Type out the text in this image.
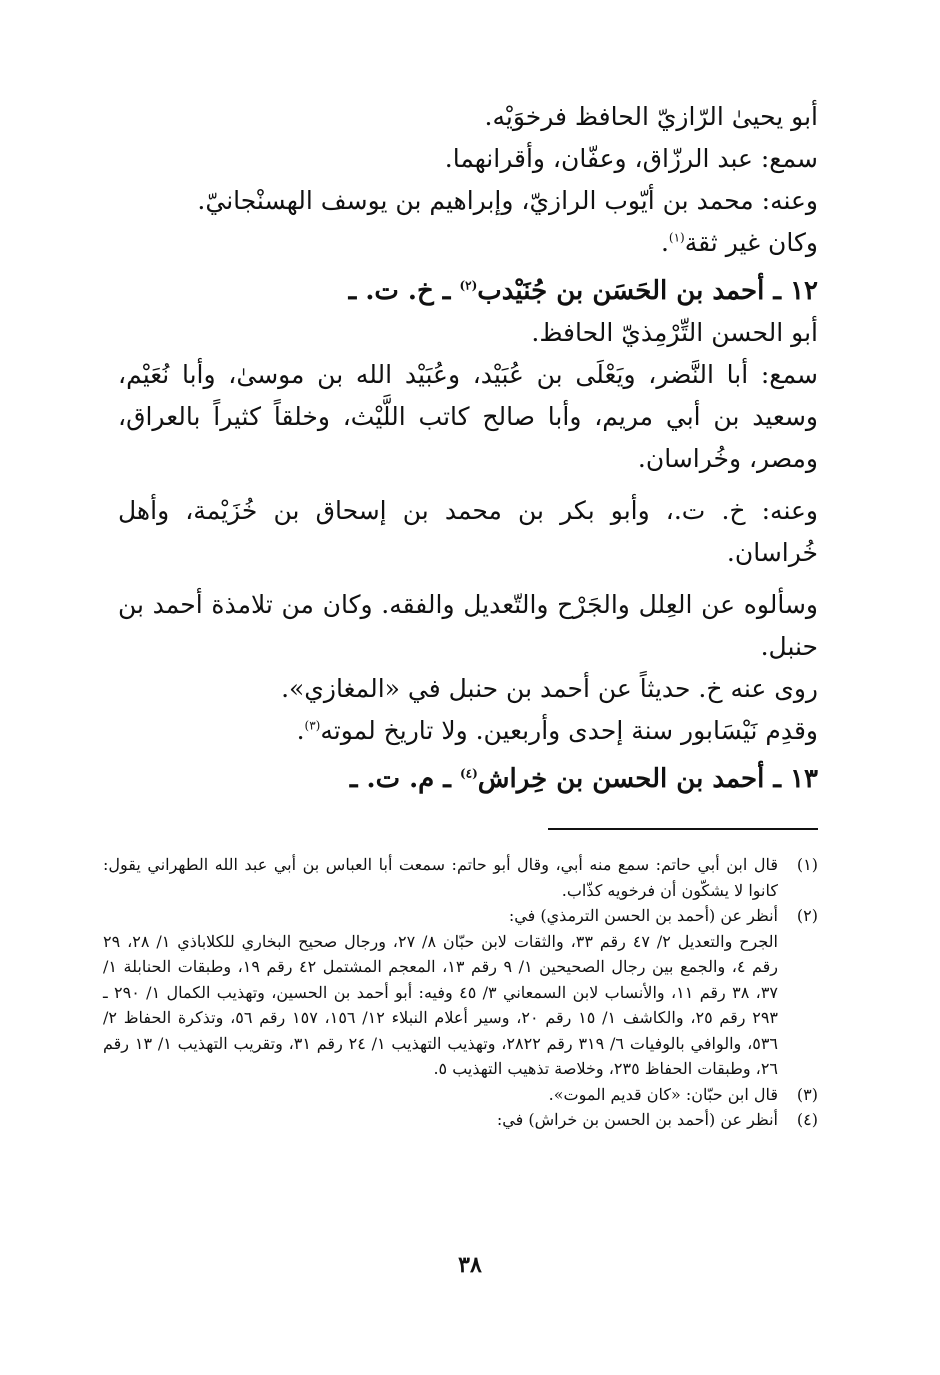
أبو يحيىٰ الرّازيّ الحافظ فرخوَيْه.

سمع: عبد الرزّاق، وعفّان، وأقرانهما.

وعنه: محمد بن أيّوب الرازيّ، وإبراهيم بن يوسف الهسنْجانيّ.

وكان غير ثقة$^{(١)}$.

١٢ ـ أحمد بن الحَسَن بن جُنَيْدب$^{(٢)}$ ـ خ. ت. ـ

أبو الحسن التِّرْمِذيّ الحافظ.

سمع: أبا النَّضر، ويَعْلَى بن عُبَيْد، وعُبَيْد الله بن موسىٰ، وأبا نُعَيْم، وسعيد بن أبي مريم، وأبا صالح كاتب اللَّيْث، وخلقاً كثيراً بالعراق، ومصر، وخُراسان.

وعنه: خ. ت.، وأبو بكر بن محمد بن إسحاق بن خُزَيْمة، وأهل خُراسان.

وسألوه عن العِلل والجَرْح والتّعديل والفقه. وكان من تلامذة أحمد بن حنبل.

روى عنه خ. حديثاً عن أحمد بن حنبل في «المغازي».

وقدِم نَيْسَابور سنة إحدى وأربعين. ولا تاريخ لموته$^{(٣)}$.

١٣ ـ أحمد بن الحسن بن خِراش$^{(٤)}$ ـ م. ت. ـ

(١)
قال ابن أبي حاتم: سمع منه أبي، وقال أبو حاتم: سمعت أبا العباس بن أبي عبد الله الطهراني يقول: كانوا لا يشكّون أن فرخويه كذّاب.
(٢)
أنظر عن (أحمد بن الحسن الترمذي) في:
الجرح والتعديل ٢/ ٤٧ رقم ٣٣، والثقات لابن حبّان ٨/ ٢٧، ورجال صحيح البخاري للكلاباذي ١/ ٢٨، ٢٩ رقم ٤، والجمع بين رجال الصحيحين ١/ ٩ رقم ١٣، المعجم المشتمل ٤٢ رقم ١٩، وطبقات الحنابلة ١/ ٣٧، ٣٨ رقم ١١، والأنساب لابن السمعاني ٣/ ٤٥ وفيه: أبو أحمد بن الحسين، وتهذيب الكمال ١/ ٢٩٠ ـ ٢٩٣ رقم ٢٥، والكاشف ١/ ١٥ رقم ٢٠، وسير أعلام النبلاء ١٢/ ١٥٦، ١٥٧ رقم ٥٦، وتذكرة الحفاظ ٢/ ٥٣٦، والوافي بالوفيات ٦/ ٣١٩ رقم ٢٨٢٢، وتهذيب التهذيب ١/ ٢٤ رقم ٣١، وتقريب التهذيب ١/ ١٣ رقم ٢٦، وطبقات الحفاظ ٢٣٥، وخلاصة تذهيب التهذيب ٥.
(٣)
قال ابن حبّان: «كان قديم الموت».
(٤)
أنظر عن (أحمد بن الحسن بن خراش) في:
٣٨
